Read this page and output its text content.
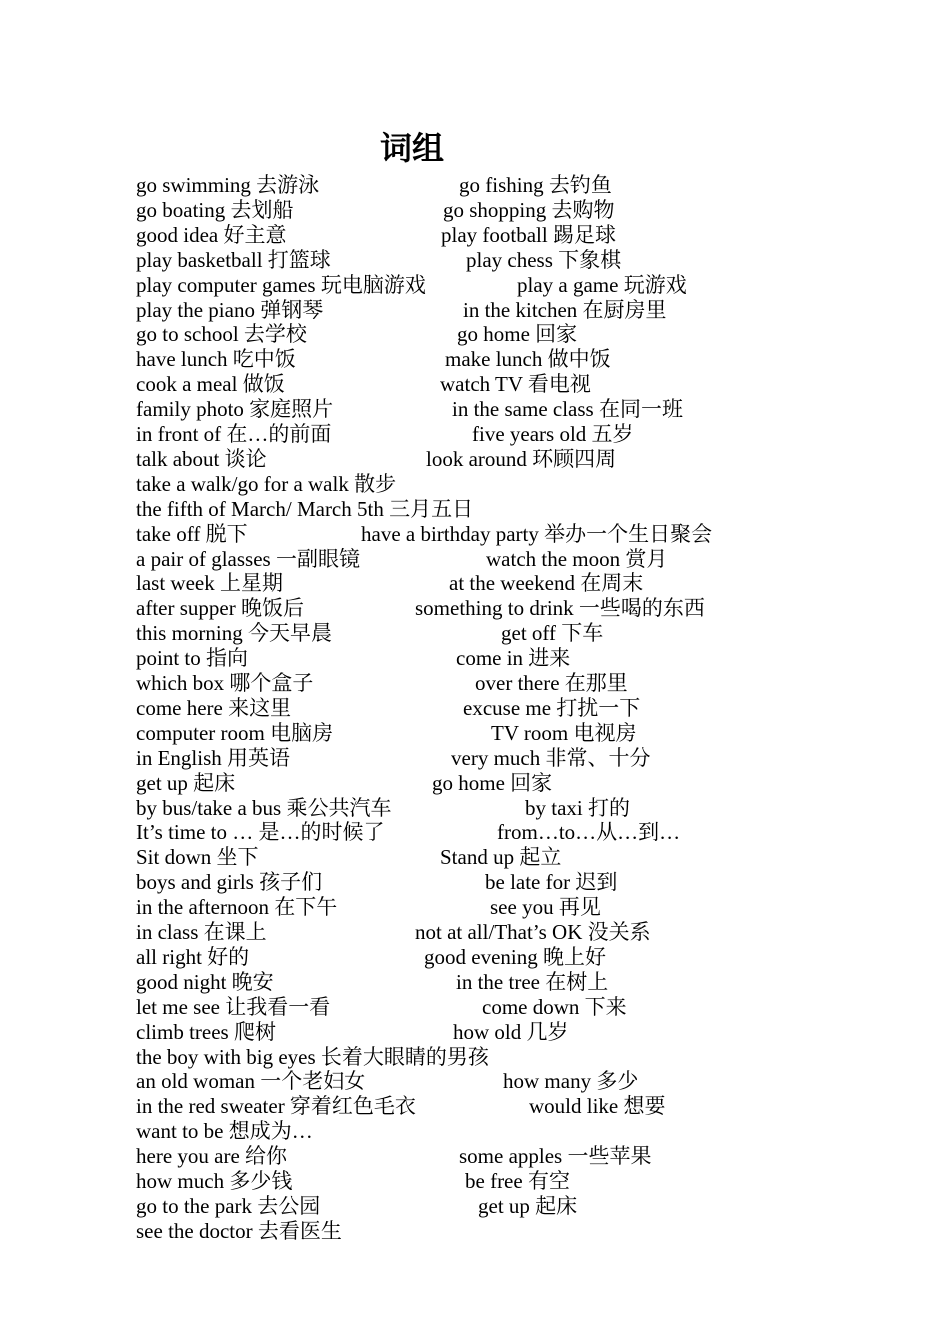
词组
go swimming 去游泳	go fishing 去钓鱼
go boating 去划船	go shopping 去购物
good idea 好主意	play football 踢足球
play basketball 打篮球	play chess 下象棋
play computer games 玩电脑游戏	play a game 玩游戏
play the piano 弹钢琴	in the kitchen 在厨房里
go to school 去学校	go home 回家
have lunch 吃中饭	make lunch 做中饭
cook a meal 做饭	watch TV 看电视
family photo 家庭照片	in the same class 在同一班
in front of 在…的前面	five years old 五岁
talk about 谈论	look around 环顾四周
take a walk/go for a walk 散步
the fifth of March/ March 5th 三月五日
take off 脱下	have a birthday party 举办一个生日聚会
a pair of glasses 一副眼镜	watch the moon 赏月
last week 上星期	at the weekend 在周末
after supper 晚饭后	something to drink 一些喝的东西
this morning 今天早晨	get off 下车
point to 指向	come in 进来
which box 哪个盒子	over there 在那里
come here 来这里	excuse me 打扰一下
computer room 电脑房	TV room 电视房
in English 用英语	very much 非常、十分
get up 起床	go home 回家
by bus/take a bus 乘公共汽车	by taxi 打的
It’s time to … 是…的时候了	from…to…从…到…
Sit down 坐下	Stand up 起立
boys and girls 孩子们	be late for 迟到
in the afternoon 在下午	see you 再见
in class 在课上	not at all/That’s OK 没关系
all right 好的	good evening 晚上好
good night 晚安	in the tree 在树上
let me see 让我看一看	come down 下来
climb trees 爬树	how old 几岁
the boy with big eyes 长着大眼睛的男孩
an old woman 一个老妇女	how many 多少
in the red sweater 穿着红色毛衣	would like 想要
want to be 想成为…
here you are 给你	some apples 一些苹果
how much 多少钱	be free 有空
go to the park 去公园	get up 起床
see the doctor 去看医生
